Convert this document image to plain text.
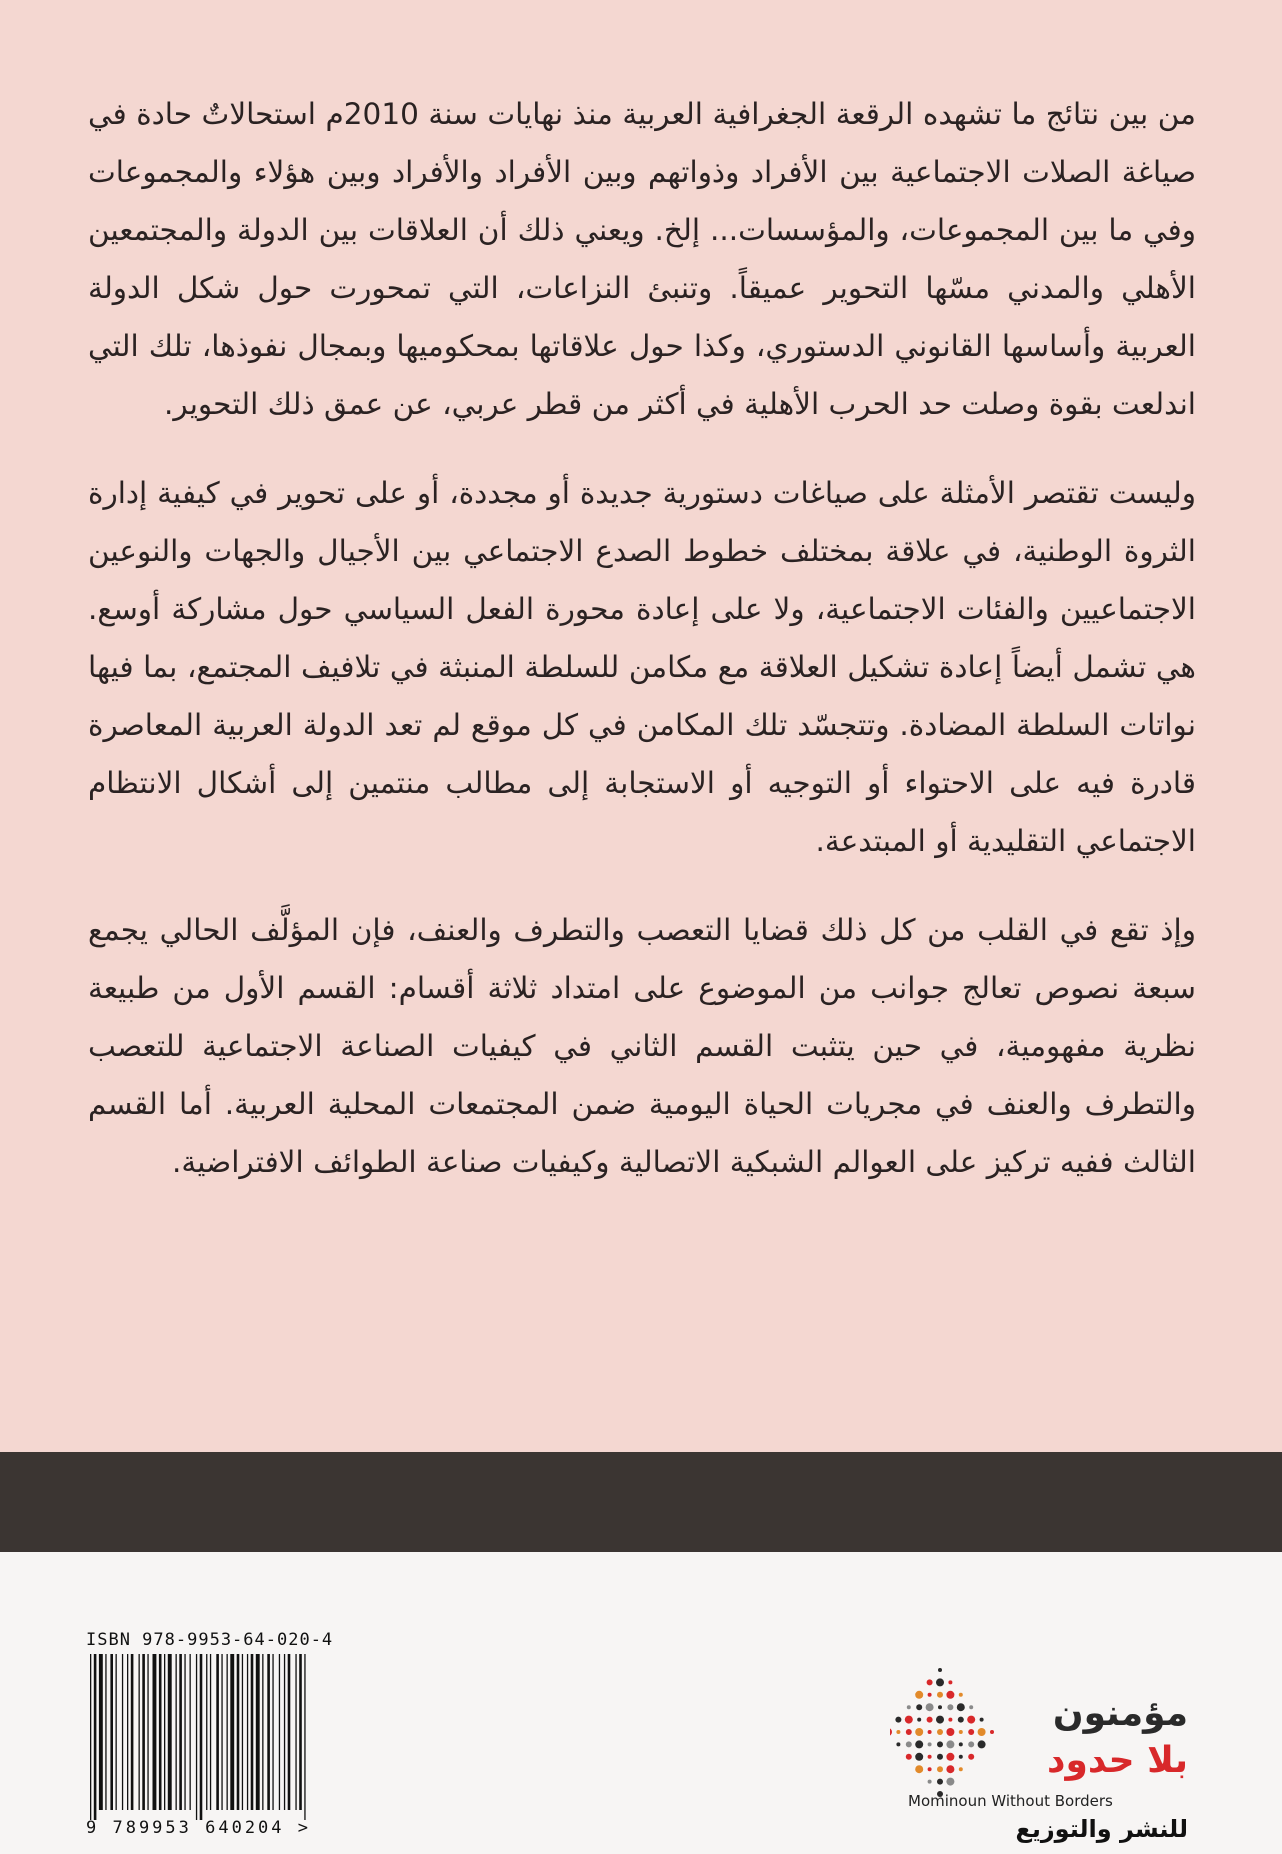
من بين نتائج ما تشهده الرقعة الجغرافية العربية منذ نهايات سنة 2010م استحالاتٌ حادة في صياغة الصلات الاجتماعية بين الأفراد وذواتهم وبين الأفراد والأفراد وبين هؤلاء والمجموعات وفي ما بين المجموعات، والمؤسسات... إلخ. ويعني ذلك أن العلاقات بين الدولة والمجتمعين الأهلي والمدني مسّها التحوير عميقاً. وتنبئ النزاعات، التي تمحورت حول شكل الدولة العربية وأساسها القانوني الدستوري، وكذا حول علاقاتها بمحكوميها وبمجال نفوذها، تلك التي اندلعت بقوة وصلت حد الحرب الأهلية في أكثر من قطر عربي، عن عمق ذلك التحوير.

وليست تقتصر الأمثلة على صياغات دستورية جديدة أو مجددة، أو على تحوير في كيفية إدارة الثروة الوطنية، في علاقة بمختلف خطوط الصدع الاجتماعي بين الأجيال والجهات والنوعين الاجتماعيين والفئات الاجتماعية، ولا على إعادة محورة الفعل السياسي حول مشاركة أوسع. هي تشمل أيضاً إعادة تشكيل العلاقة مع مكامن للسلطة المنبثة في تلافيف المجتمع، بما فيها نواتات السلطة المضادة. وتتجسّد تلك المكامن في كل موقع لم تعد الدولة العربية المعاصرة قادرة فيه على الاحتواء أو التوجيه أو الاستجابة إلى مطالب منتمين إلى أشكال الانتظام الاجتماعي التقليدية أو المبتدعة.

وإذ تقع في القلب من كل ذلك قضايا التعصب والتطرف والعنف، فإن المؤلَّف الحالي يجمع سبعة نصوص تعالج جوانب من الموضوع على امتداد ثلاثة أقسام: القسم الأول من طبيعة نظرية مفهومية، في حين يتثبت القسم الثاني في كيفيات الصناعة الاجتماعية للتعصب والتطرف والعنف في مجريات الحياة اليومية ضمن المجتمعات المحلية العربية. أما القسم الثالث ففيه تركيز على العوالم الشبكية الاتصالية وكيفيات صناعة الطوائف الافتراضية.

ISBN 978-9953-64-020-4
9 789953 640204 >
مؤمنون
بلا حدود
Mominoun Without Borders
للنشر والتوزيع
